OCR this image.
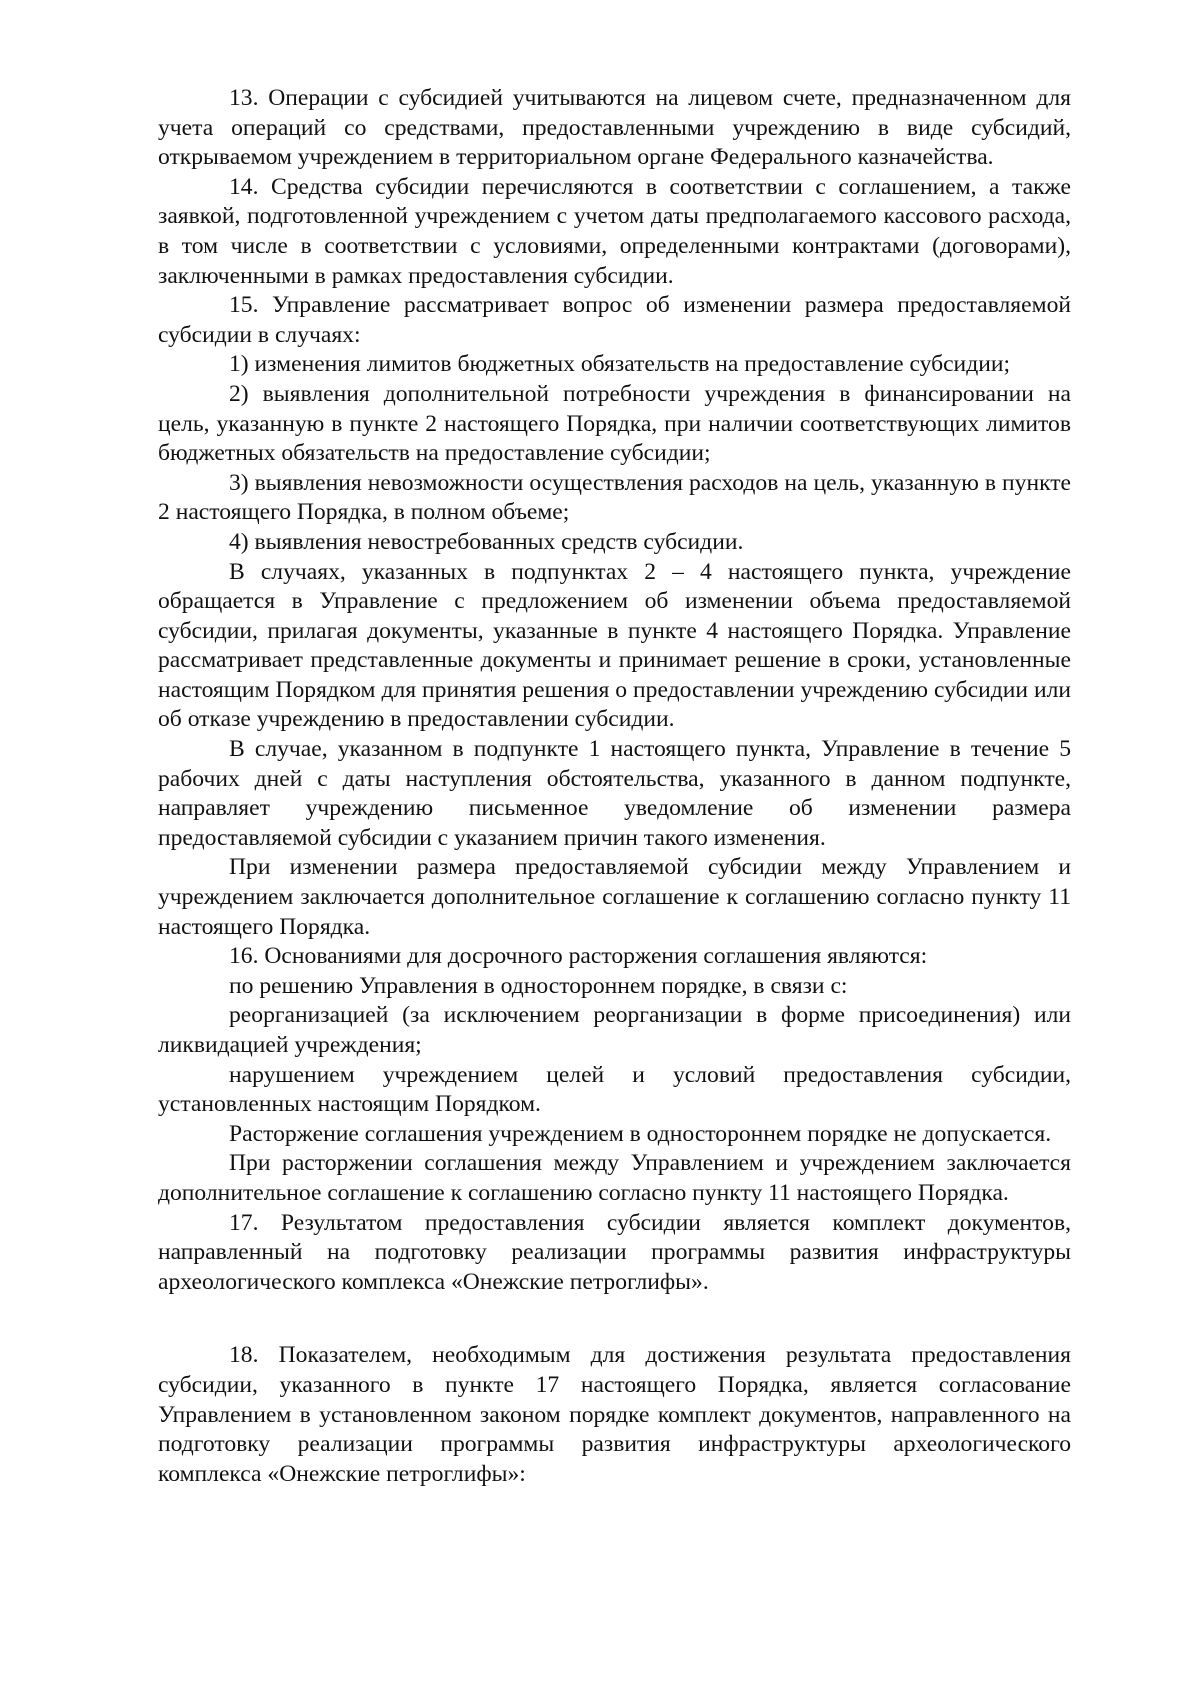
13. Операции с субсидией учитываются на лицевом счете, предназначенном для учета операций со средствами, предоставленными учреждению в виде субсидий, открываемом учреждением в территориальном органе Федерального казначейства.

14. Средства субсидии перечисляются в соответствии с соглашением, а также заявкой, подготовленной учреждением с учетом даты предполагаемого кассового расхода, в том числе в соответствии с условиями, определенными контрактами (договорами), заключенными в рамках предоставления субсидии.

15. Управление рассматривает вопрос об изменении размера предоставляемой субсидии в случаях:

1) изменения лимитов бюджетных обязательств на предоставление субсидии;

2) выявления дополнительной потребности учреждения в финансировании на цель, указанную в пункте 2 настоящего Порядка, при наличии соответствующих лимитов бюджетных обязательств на предоставление субсидии;

3) выявления невозможности осуществления расходов на цель, указанную в пункте 2 настоящего Порядка, в полном объеме;

4) выявления невостребованных средств субсидии.

В случаях, указанных в подпунктах 2 – 4 настоящего пункта, учреждение обращается в Управление с предложением об изменении объема предоставляемой субсидии, прилагая документы, указанные в пункте 4 настоящего Порядка. Управление рассматривает представленные документы и принимает решение в сроки, установленные настоящим Порядком для принятия решения о предоставлении учреждению субсидии или об отказе учреждению в предоставлении субсидии.

В случае, указанном в подпункте 1 настоящего пункта, Управление в течение 5 рабочих дней с даты наступления обстоятельства, указанного в данном подпункте, направляет учреждению письменное уведомление об изменении размера предоставляемой субсидии с указанием причин такого изменения.

При изменении размера предоставляемой субсидии между Управлением и учреждением заключается дополнительное соглашение к соглашению согласно пункту 11 настоящего Порядка.

16. Основаниями для досрочного расторжения соглашения являются:

по решению Управления в одностороннем порядке, в связи с:

реорганизацией (за исключением реорганизации в форме присоединения) или ликвидацией учреждения;

нарушением учреждением целей и условий предоставления субсидии, установленных настоящим Порядком.

Расторжение соглашения учреждением в одностороннем порядке не допускается.

При расторжении соглашения между Управлением и учреждением заключается дополнительное соглашение к соглашению согласно пункту 11 настоящего Порядка.

17. Результатом предоставления субсидии является комплект документов, направленный на подготовку реализации программы развития инфраструктуры археологического комплекса «Онежские петроглифы».

18. Показателем, необходимым для достижения результата предоставления субсидии, указанного в пункте 17 настоящего Порядка, является согласование Управлением в установленном законом порядке комплект документов, направленного на подготовку реализации программы развития инфраструктуры археологического комплекса «Онежские петроглифы»:
